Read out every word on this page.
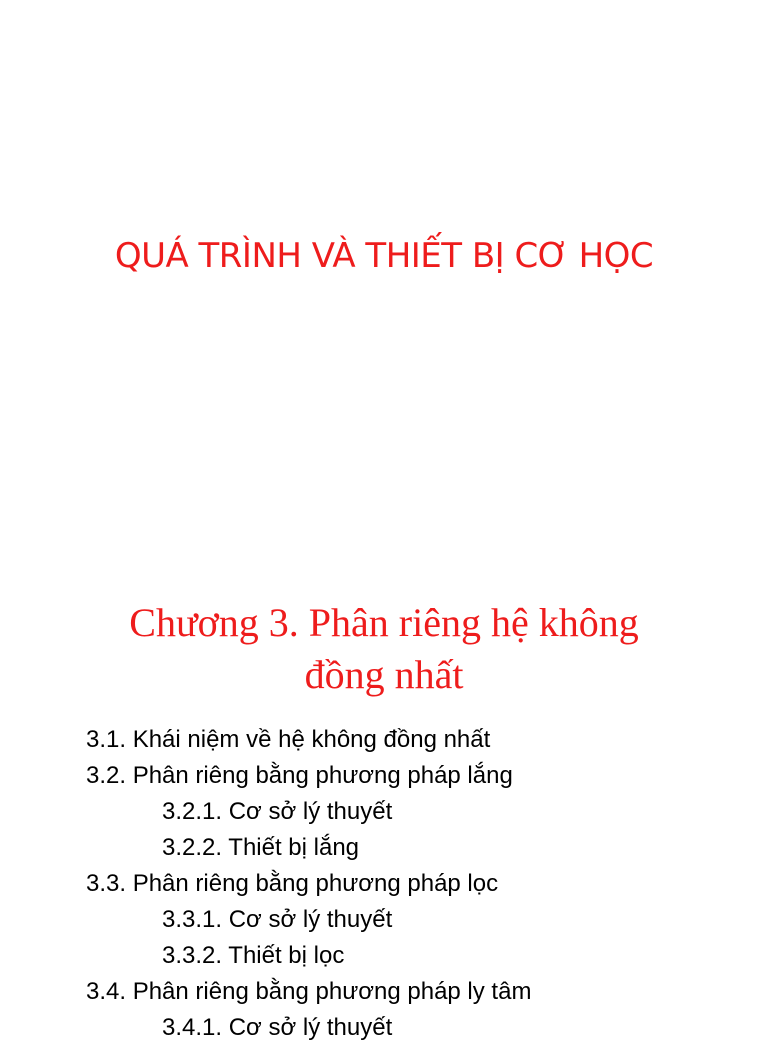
QUÁ TRÌNH VÀ THIẾT BỊ CƠ HỌC
Chương 3. Phân riêng hệ không
đồng nhất
3.1. Khái niệm về hệ không đồng nhất
3.2. Phân riêng bằng phương pháp lắng
3.2.1. Cơ sở lý thuyết
3.2.2. Thiết bị lắng
3.3. Phân riêng bằng phương pháp lọc
3.3.1. Cơ sở lý thuyết
3.3.2. Thiết bị lọc
3.4. Phân riêng bằng phương pháp ly tâm
3.4.1. Cơ sở lý thuyết
